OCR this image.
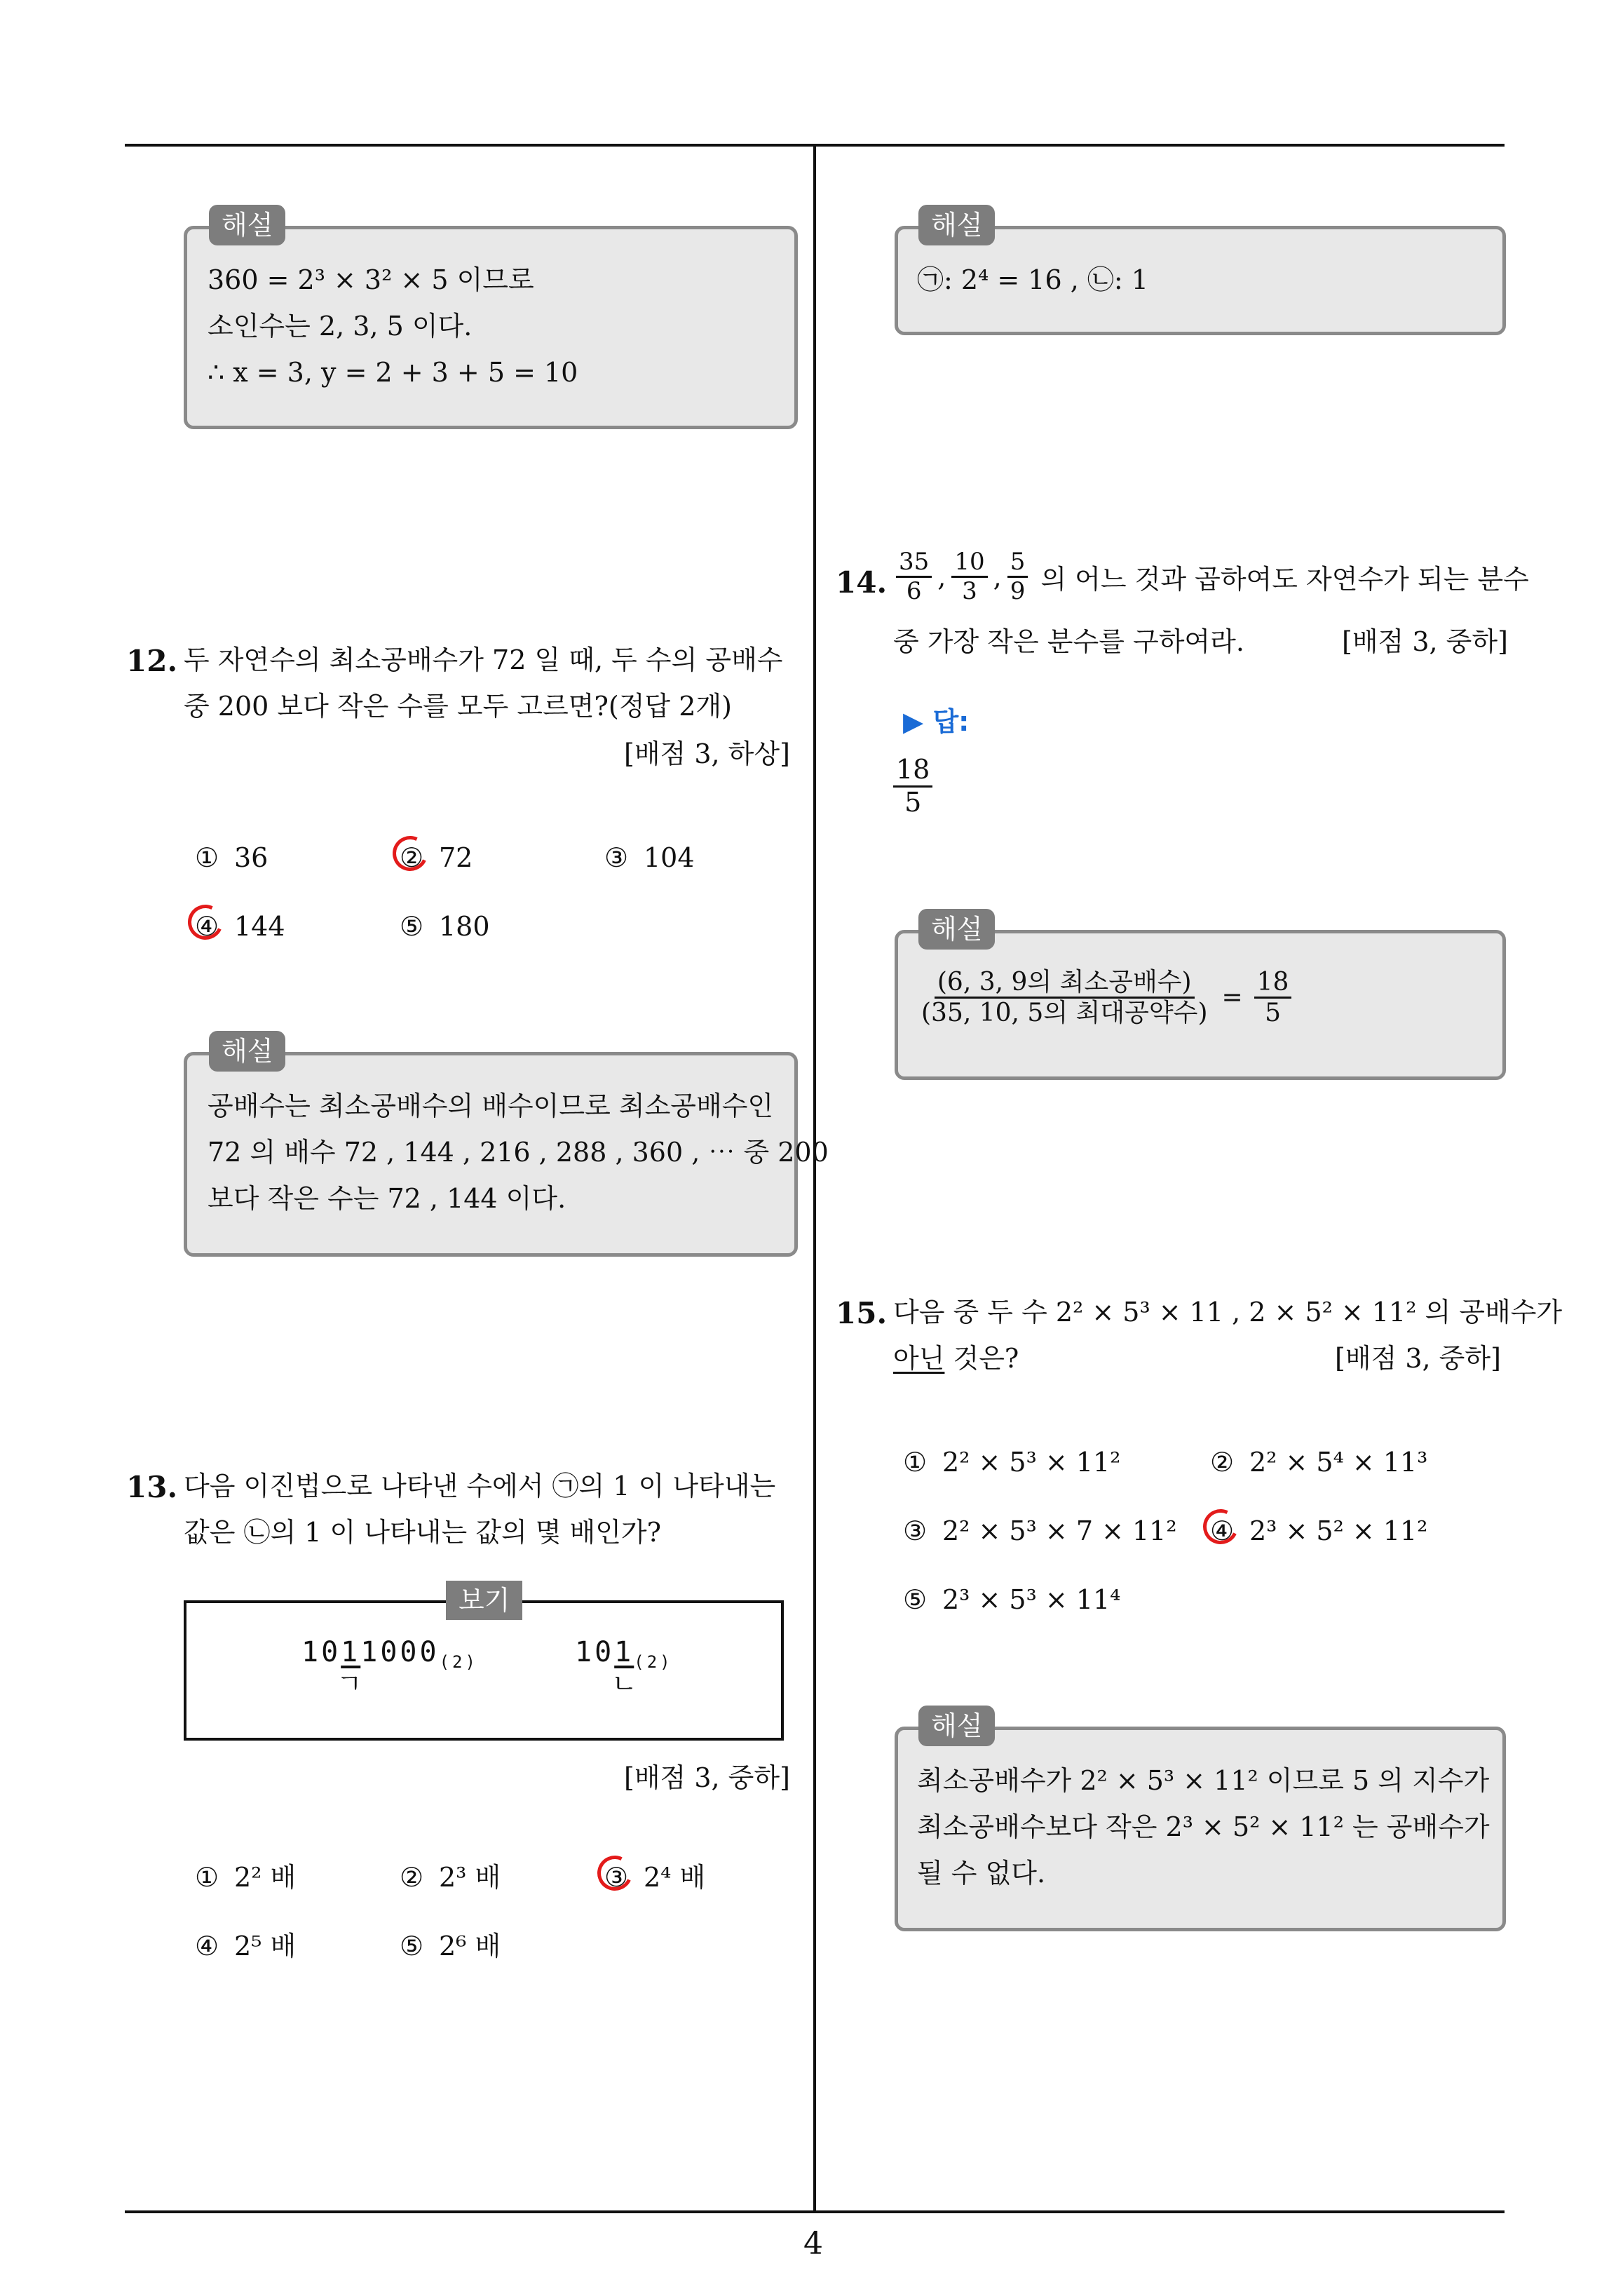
4
해설
360 = 2³ × 3² × 5 이므로
소인수는 2, 3, 5 이다.
∴ x = 3, y = 2 + 3 + 5 = 10
12. 두 자연수의 최소공배수가 72 일 때, 두 수의 공배수
중 200 보다 작은 수를 모두 고르면?(정답 2개)
[배점 3, 하상]
① 36	② 72	③ 104
④ 144	⑤ 180
해설
공배수는 최소공배수의 배수이므로 최소공배수인
72 의 배수 72 , 144 , 216 , 288 , 360 , ⋯ 중 200
보다 작은 수는 72 , 144 이다.
13. 다음 이진법으로 나타낸 수에서 ㉠의 1 이 나타내는
값은 ㉡의 1 이 나타내는 값의 몇 배인가?
보기
$1011000_{(2)}$
ㄱ
$101_{(2)}$
ㄴ
[배점 3, 중하]
① 2² 배	② 2³ 배	③ 2⁴ 배
④ 2⁵ 배	⑤ 2⁶ 배
해설
㉠: 2⁴ = 16 , ㉡: 1
14. $\frac{35}{6}$ , $\frac{10}{3}$ , $\frac{5}{9}$ 의 어느 것과 곱하여도 자연수가 되는 분수
중 가장 작은 분수를 구하여라.	[배점 3, 중하]
▶ 답:
$\frac{18}{5}$
해설
$\frac{\text{(6, 3, 9의 최소공배수)}}{\text{(35, 10, 5의 최대공약수)}} = \frac{18}{5}$
15. 다음 중 두 수 2² × 5³ × 11 , 2 × 5² × 11² 의 공배수가
아닌 것은?	[배점 3, 중하]
① 2² × 5³ × 11²	② 2² × 5⁴ × 11³
③ 2² × 5³ × 7 × 11² ④ 2³ × 5² × 11²
⑤ 2³ × 5³ × 11⁴
해설
최소공배수가 2² × 5³ × 11² 이므로 5 의 지수가
최소공배수보다 작은 2³ × 5² × 11² 는 공배수가
될 수 없다.
